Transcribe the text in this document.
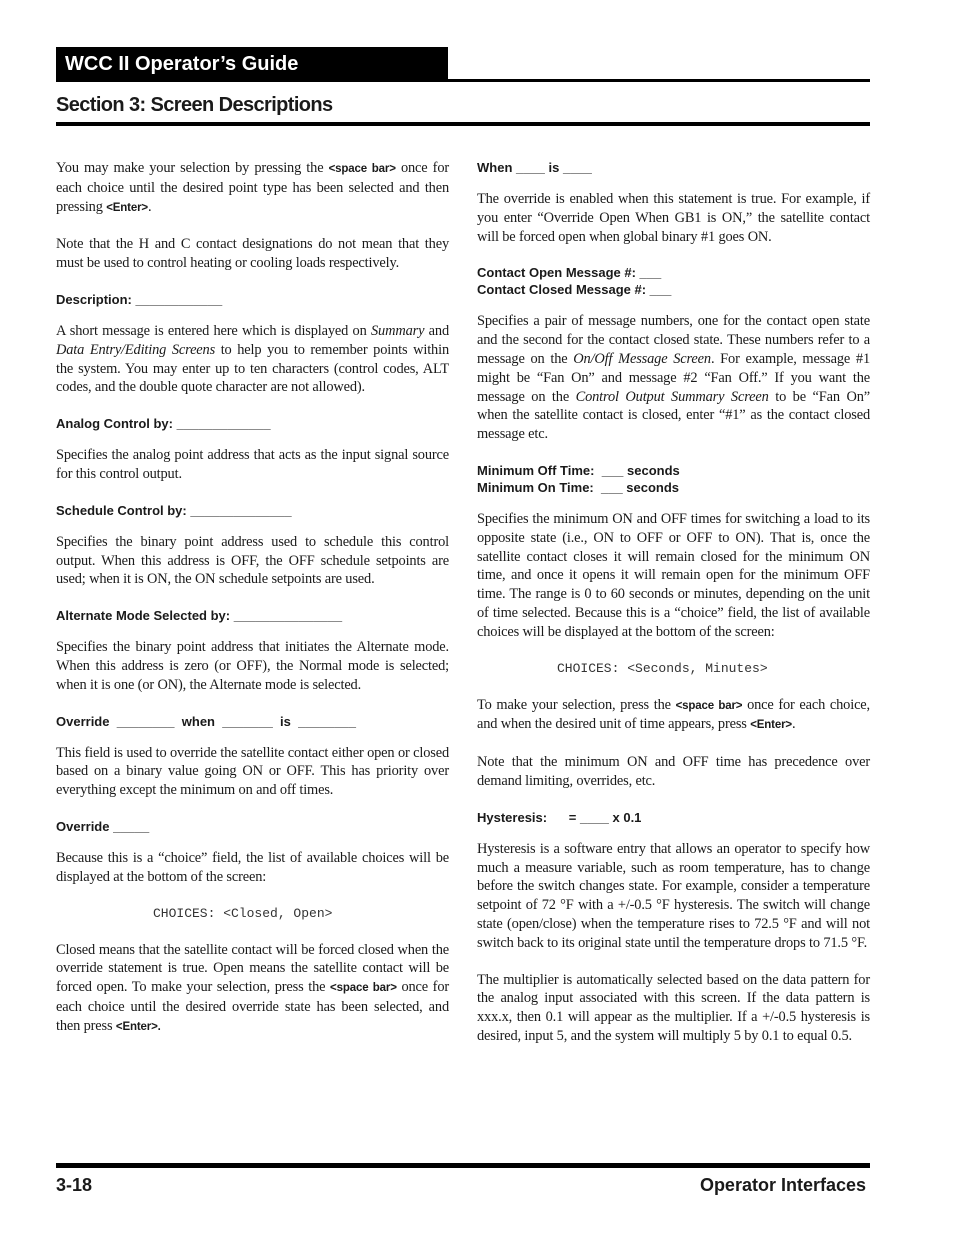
WCC II Operator’s Guide
Section 3: Screen Descriptions

You may make your selection by pressing the <space bar> once for each choice until the desired point type has been selected and then pressing <Enter>.

Note that the H and C contact designations do not mean that they must be used to control heating or cooling loads respectively.

Description: ____________

A short message is entered here which is displayed on Summary and Data Entry/Editing Screens to help you to remember points within the system. You may enter up to ten characters (control codes, ALT codes, and the double quote character are not allowed).

Analog Control by: _____________

Specifies the analog point address that acts as the input signal source for this control output.

Schedule Control by: ______________

Specifies the binary point address used to schedule this control output. When this address is OFF, the OFF schedule setpoints are used; when it is ON, the ON schedule setpoints are used.

Alternate Mode Selected by: _______________

Specifies the binary point address that initiates the Alternate mode. When this address is zero (or OFF), the Normal mode is selected; when it is one (or ON), the Alternate mode is selected.

Override  ________  when  _______  is  ________

This field is used to override the satellite contact either open or closed based on a binary value going ON or OFF. This has priority over everything except the minimum on and off times.

Override _____

Because this is a “choice” field, the list of available choices will be displayed at the bottom of the screen:

CHOICES: <Closed, Open>

Closed means that the satellite contact will be forced closed when the override statement is true. Open means the satellite contact will be forced open. To make your selection, press the <space bar> once for each choice until the desired override state has been selected, and then press <Enter>.

When ____ is ____

The override is enabled when this statement is true. For example, if you enter “Override Open When GB1 is ON,” the satellite contact will be forced open when global binary #1 goes ON.

Contact Open Message #: ___
Contact Closed Message #: ___

Specifies a pair of message numbers, one for the contact open state and the second for the contact closed state. These numbers refer to a message on the On/Off Message Screen. For example, message #1 might be “Fan On” and message #2 “Fan Off.” If you want the message on the Control Output Summary Screen to be “Fan On” when the satellite contact is closed, enter “#1” as the contact closed message etc.

Minimum Off Time:  ___ seconds
Minimum On Time:  ___ seconds

Specifies the minimum ON and OFF times for switching a load to its opposite state (i.e., ON to OFF or OFF to ON). That is, once the satellite contact closes it will remain closed for the minimum ON time, and once it opens it will remain open for the minimum OFF time. The range is 0 to 60 seconds or minutes, depending on the unit of time selected. Because this is a “choice” field, the list of available choices will be displayed at the bottom of the screen:

CHOICES: <Seconds, Minutes>

To make your selection, press the <space bar> once for each choice, and when the desired unit of time appears, press <Enter>.

Note that the minimum ON and OFF time has precedence over demand limiting, overrides, etc.

Hysteresis:      = ____ x 0.1

Hysteresis is a software entry that allows an operator to specify how much a measure variable, such as room temperature, has to change before the switch changes state. For example, consider a temperature setpoint of 72 °F with a +/-0.5 °F hysteresis. The switch will change state (open/close) when the temperature rises to 72.5 °F and will not switch back to its original state until the temperature drops to 71.5 °F.

The multiplier is automatically selected based on the data pattern for the analog input associated with this screen. If the data pattern is xxx.x, then 0.1 will appear as the multiplier. If a +/-0.5 hysteresis is desired, input 5, and the system will multiply 5 by 0.1 to equal 0.5.

3-18	Operator Interfaces
